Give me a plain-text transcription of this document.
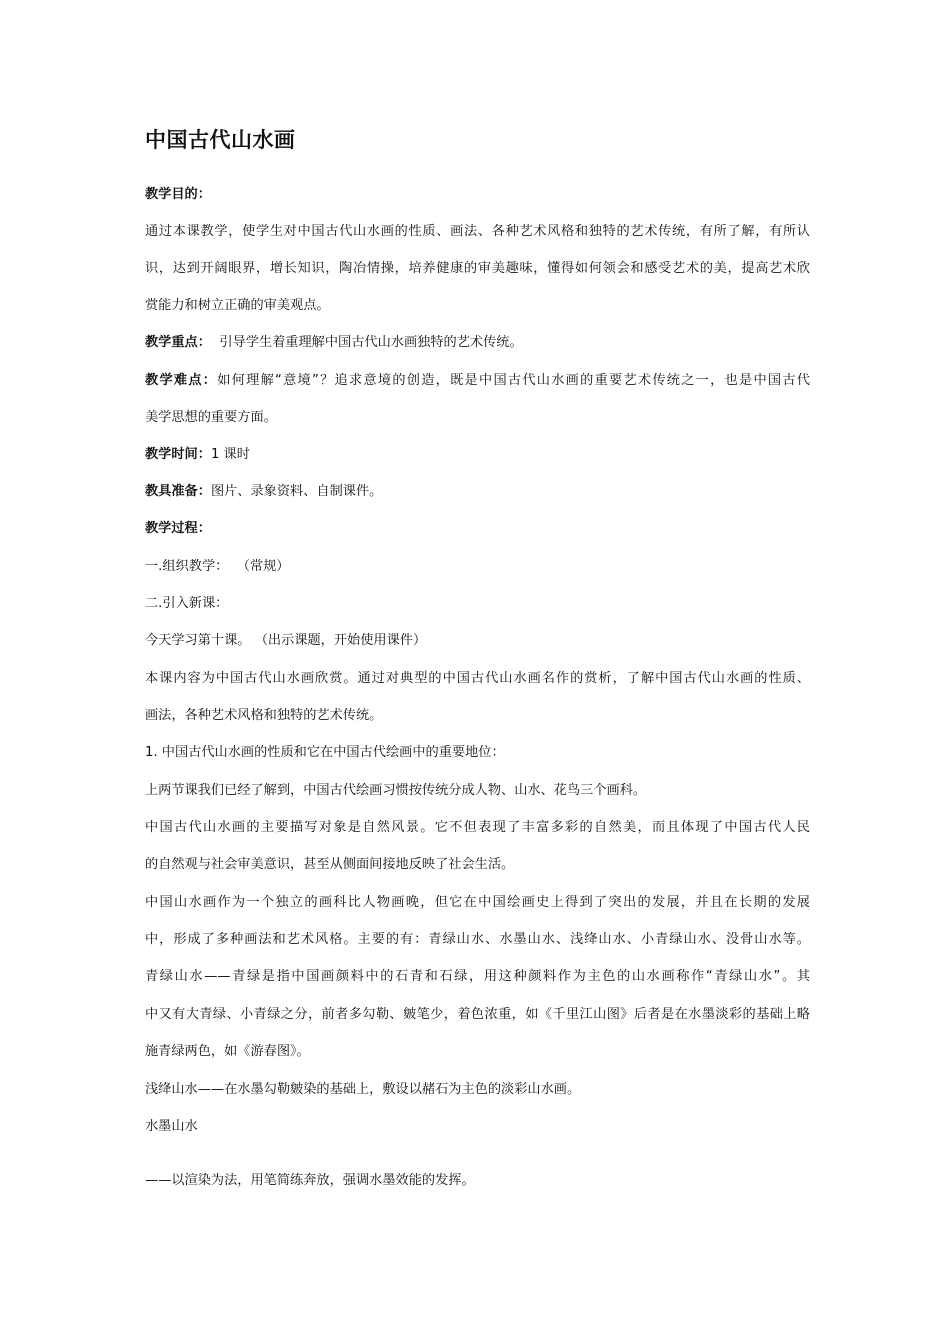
中国古代山水画
教学目的：
通过本课教学，使学生对中国古代山水画的性质、画法、各种艺术风格和独特的艺术传统，有所了解，有所认
识，达到开阔眼界，增长知识，陶冶情操，培养健康的审美趣味，懂得如何领会和感受艺术的美，提高艺术欣
赏能力和树立正确的审美观点。
教学重点：  引导学生着重理解中国古代山水画独特的艺术传统。
教学难点：如何理解“意境”？追求意境的创造，既是中国古代山水画的重要艺术传统之一，也是中国古代
美学思想的重要方面。
教学时间：1 课时
教具准备：图片、录象资料、自制课件。
教学过程：
一.组织教学：  （常规）
二.引入新课：
今天学习第十课。 （出示课题，开始使用课件）
本课内容为中国古代山水画欣赏。通过对典型的中国古代山水画名作的赏析，了解中国古代山水画的性质、
画法，各种艺术风格和独特的艺术传统。
1. 中国古代山水画的性质和它在中国古代绘画中的重要地位：
上两节课我们已经了解到，中国古代绘画习惯按传统分成人物、山水、花鸟三个画科。
中国古代山水画的主要描写对象是自然风景。它不但表现了丰富多彩的自然美，而且体现了中国古代人民
的自然观与社会审美意识，甚至从侧面间接地反映了社会生活。
中国山水画作为一个独立的画科比人物画晚，但它在中国绘画史上得到了突出的发展，并且在长期的发展
中，形成了多种画法和艺术风格。主要的有：青绿山水、水墨山水、浅绛山水、小青绿山水、没骨山水等。
青绿山水——青绿是指中国画颜料中的石青和石绿，用这种颜料作为主色的山水画称作“青绿山水”。其
中又有大青绿、小青绿之分，前者多勾勒、皴笔少，着色浓重，如《千里江山图》后者是在水墨淡彩的基础上略
施青绿两色，如《游春图》。
浅绛山水——在水墨勾勒皴染的基础上，敷设以赭石为主色的淡彩山水画。
水墨山水
——以渲染为法，用笔简练奔放，强调水墨效能的发挥。
